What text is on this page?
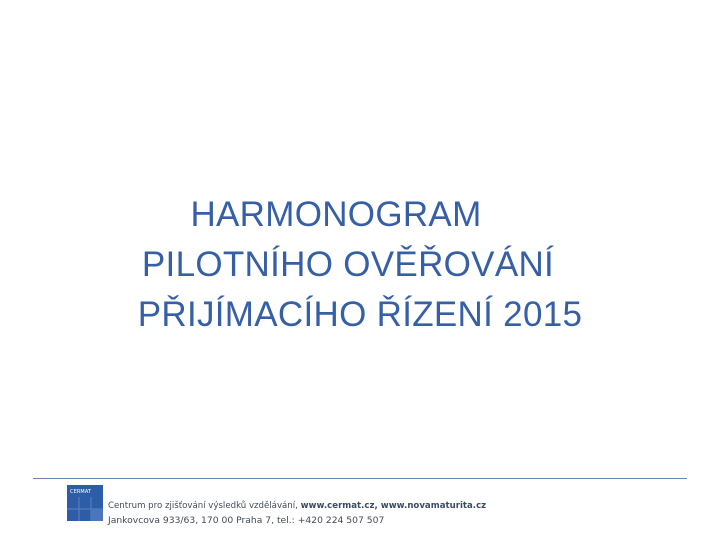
HARMONOGRAM
PILOTNÍHO OVĚŘOVÁNÍ
PŘIJÍMACÍHO ŘÍZENÍ 2015
CERMAT
Centrum pro zjišťování výsledků vzdělávání, www.cermat.cz, www.novamaturita.cz
Jankovcova 933/63, 170 00 Praha 7, tel.: +420 224 507 507
